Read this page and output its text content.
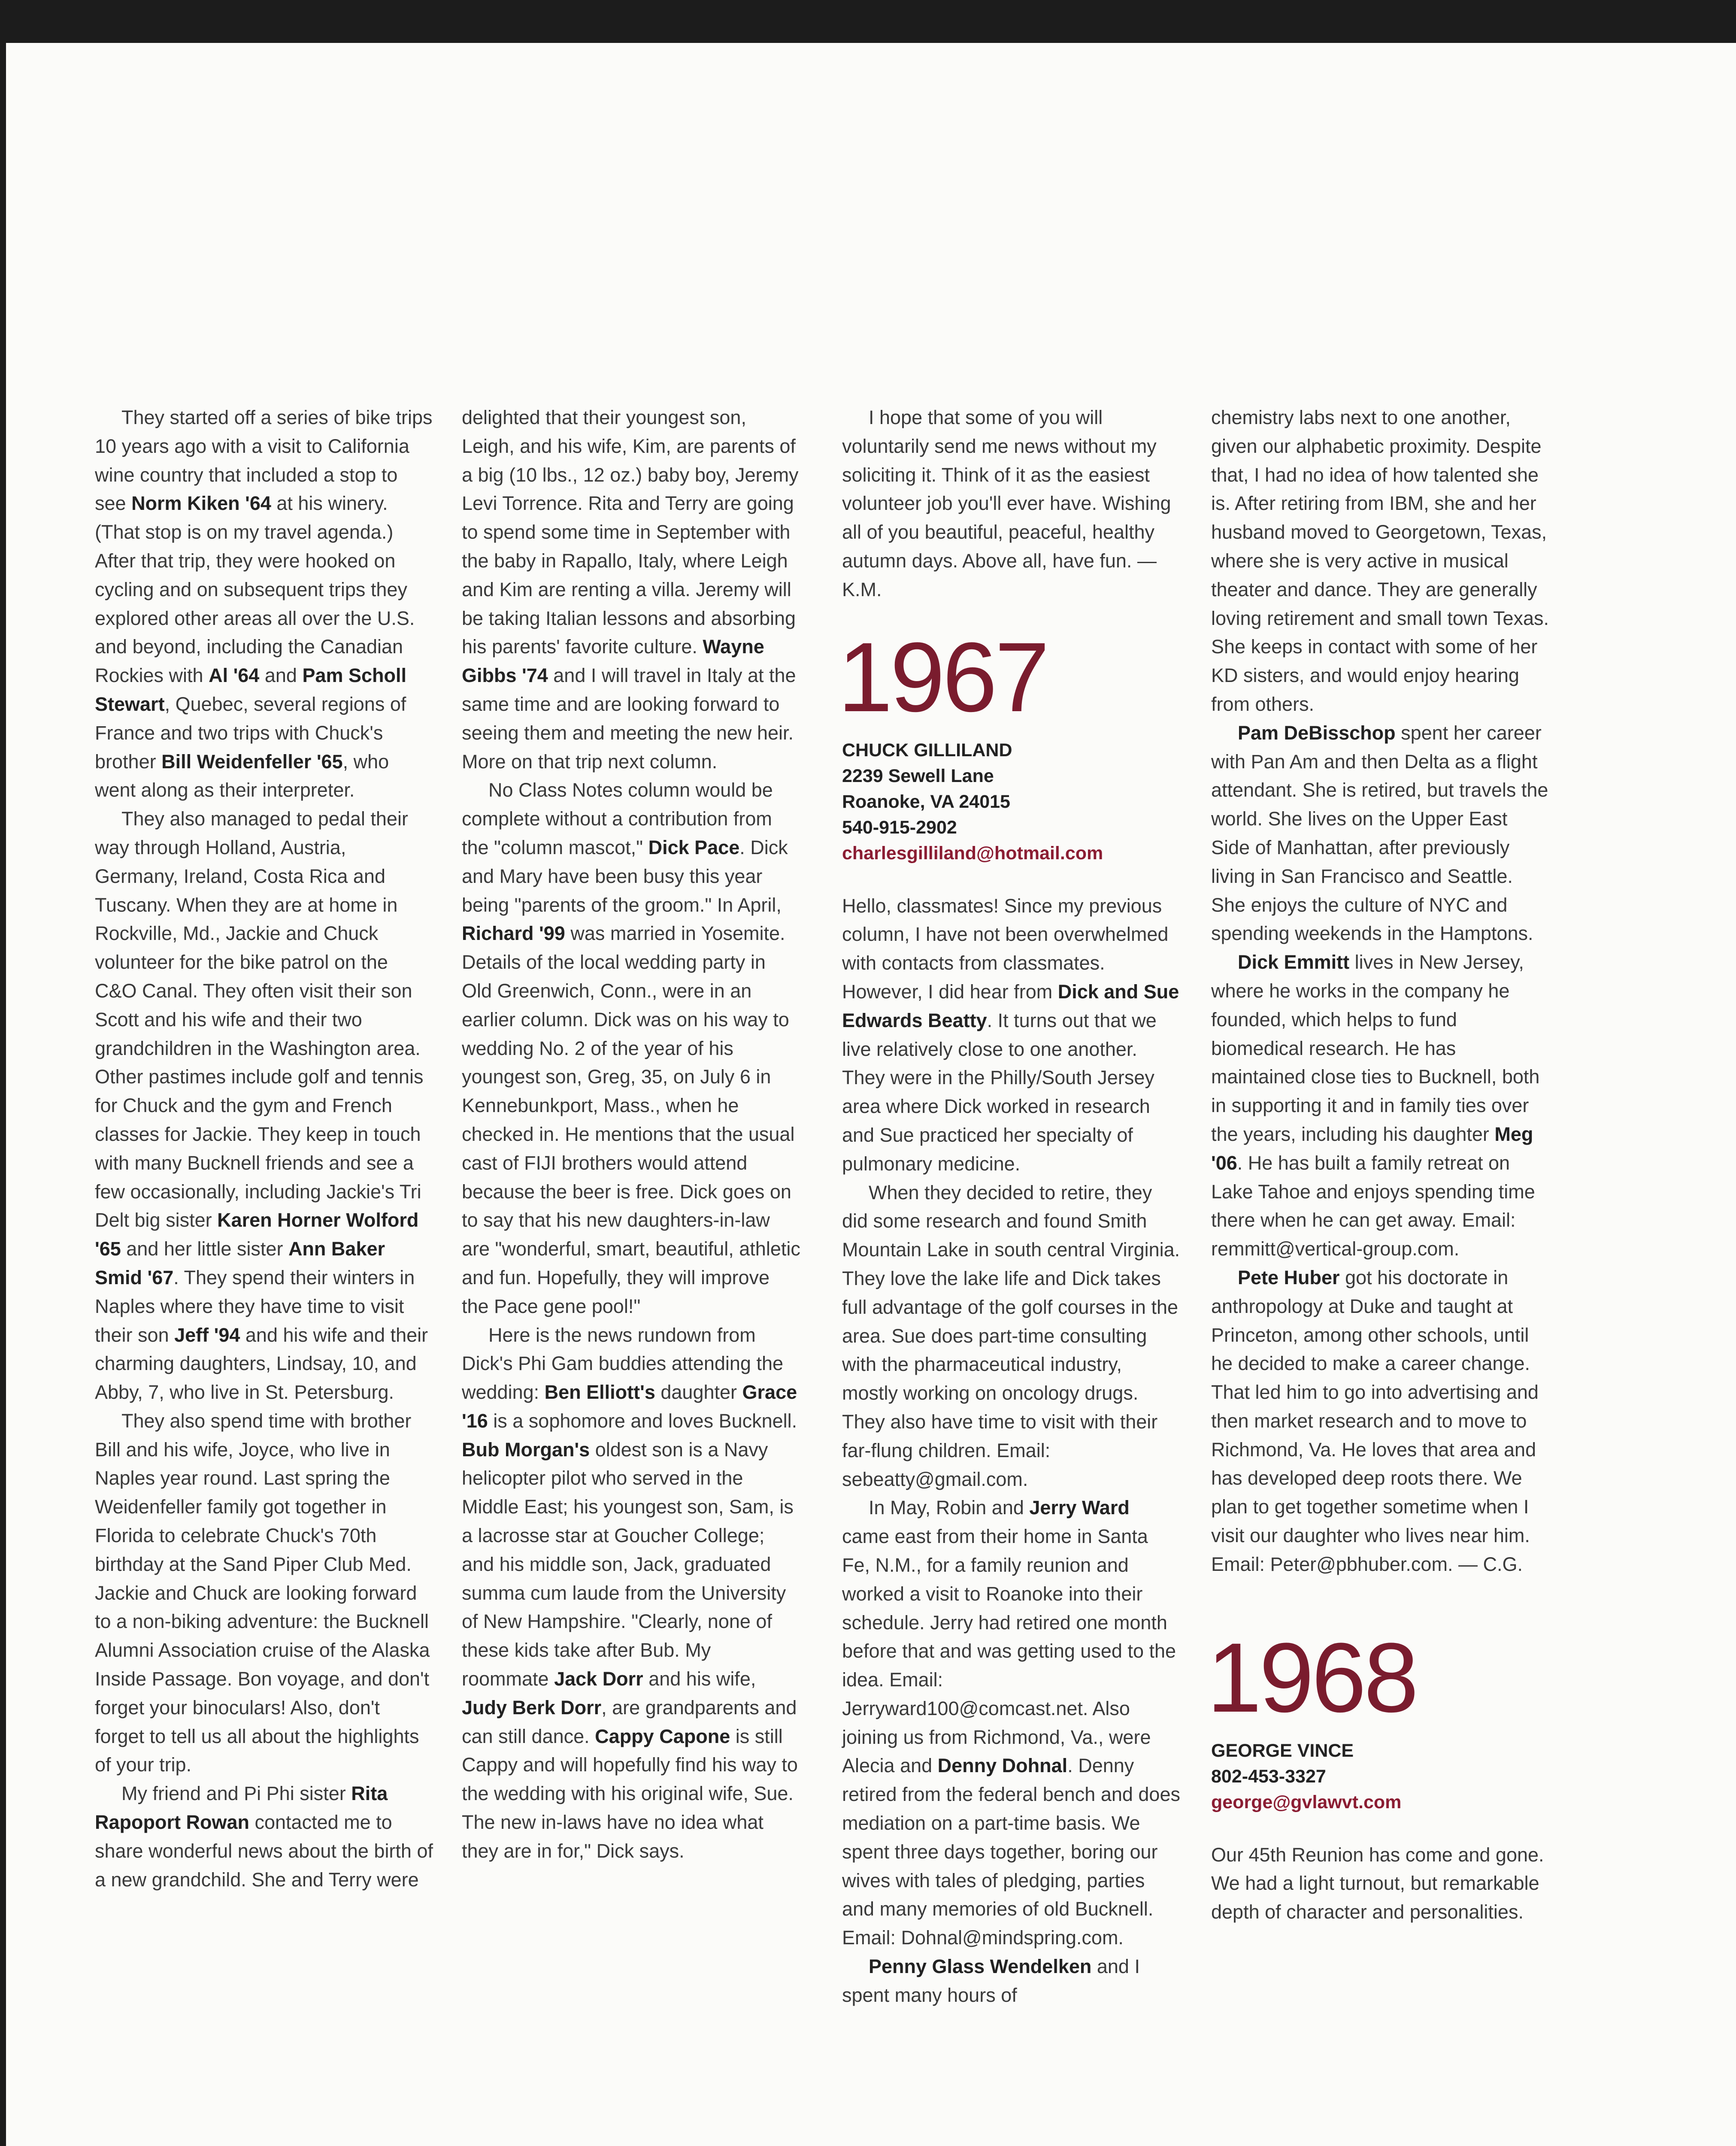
They started off a series of bike trips 10 years ago with a visit to California wine country that included a stop to see Norm Kiken '64 at his winery. (That stop is on my travel agenda.) After that trip, they were hooked on cycling and on subsequent trips they explored other areas all over the U.S. and beyond, including the Canadian Rockies with Al '64 and Pam Scholl Stewart, Quebec, several regions of France and two trips with Chuck's brother Bill Weidenfeller '65, who went along as their interpreter.

They also managed to pedal their way through Holland, Austria, Germany, Ireland, Costa Rica and Tuscany. When they are at home in Rockville, Md., Jackie and Chuck volunteer for the bike patrol on the C&O Canal. They often visit their son Scott and his wife and their two grandchildren in the Washington area. Other pastimes include golf and tennis for Chuck and the gym and French classes for Jackie. They keep in touch with many Bucknell friends and see a few occasionally, including Jackie's Tri Delt big sister Karen Horner Wolford '65 and her little sister Ann Baker Smid '67. They spend their winters in Naples where they have time to visit their son Jeff '94 and his wife and their charming daughters, Lindsay, 10, and Abby, 7, who live in St. Petersburg.

They also spend time with brother Bill and his wife, Joyce, who live in Naples year round. Last spring the Weidenfeller family got together in Florida to celebrate Chuck's 70th birthday at the Sand Piper Club Med. Jackie and Chuck are looking forward to a non-biking adventure: the Bucknell Alumni Association cruise of the Alaska Inside Passage. Bon voyage, and don't forget your binoculars! Also, don't forget to tell us all about the highlights of your trip.

My friend and Pi Phi sister Rita Rapoport Rowan contacted me to share wonderful news about the birth of a new grandchild. She and Terry were

delighted that their youngest son, Leigh, and his wife, Kim, are parents of a big (10 lbs., 12 oz.) baby boy, Jeremy Levi Torrence. Rita and Terry are going to spend some time in September with the baby in Rapallo, Italy, where Leigh and Kim are renting a villa. Jeremy will be taking Italian lessons and absorbing his parents' favorite culture. Wayne Gibbs '74 and I will travel in Italy at the same time and are looking forward to seeing them and meeting the new heir. More on that trip next column.

No Class Notes column would be complete without a contribution from the "column mascot," Dick Pace. Dick and Mary have been busy this year being "parents of the groom." In April, Richard '99 was married in Yosemite. Details of the local wedding party in Old Greenwich, Conn., were in an earlier column. Dick was on his way to wedding No. 2 of the year of his youngest son, Greg, 35, on July 6 in Kennebunkport, Mass., when he checked in. He mentions that the usual cast of FIJI brothers would attend because the beer is free. Dick goes on to say that his new daughters-in-law are "wonderful, smart, beautiful, athletic and fun. Hopefully, they will improve the Pace gene pool!"

Here is the news rundown from Dick's Phi Gam buddies attending the wedding: Ben Elliott's daughter Grace '16 is a sophomore and loves Bucknell. Bub Morgan's oldest son is a Navy helicopter pilot who served in the Middle East; his youngest son, Sam, is a lacrosse star at Goucher College; and his middle son, Jack, graduated summa cum laude from the University of New Hampshire. "Clearly, none of these kids take after Bub. My roommate Jack Dorr and his wife, Judy Berk Dorr, are grandparents and can still dance. Cappy Capone is still Cappy and will hopefully find his way to the wedding with his original wife, Sue. The new in-laws have no idea what they are in for," Dick says.

I hope that some of you will voluntarily send me news without my soliciting it. Think of it as the easiest volunteer job you'll ever have. Wishing all of you beautiful, peaceful, healthy autumn days. Above all, have fun. — K.M.

1967
CHUCK GILLILAND
2239 Sewell Lane
Roanoke, VA 24015
540-915-2902
charlesgilliland@hotmail.com

Hello, classmates! Since my previous column, I have not been overwhelmed with contacts from classmates. However, I did hear from Dick and Sue Edwards Beatty. It turns out that we live relatively close to one another. They were in the Philly/South Jersey area where Dick worked in research and Sue practiced her specialty of pulmonary medicine.

When they decided to retire, they did some research and found Smith Mountain Lake in south central Virginia. They love the lake life and Dick takes full advantage of the golf courses in the area. Sue does part-time consulting with the pharmaceutical industry, mostly working on oncology drugs. They also have time to visit with their far-flung children. Email: sebeatty@gmail.com.

In May, Robin and Jerry Ward came east from their home in Santa Fe, N.M., for a family reunion and worked a visit to Roanoke into their schedule. Jerry had retired one month before that and was getting used to the idea. Email: Jerryward100@comcast.net. Also joining us from Richmond, Va., were Alecia and Denny Dohnal. Denny retired from the federal bench and does mediation on a part-time basis. We spent three days together, boring our wives with tales of pledging, parties and many memories of old Bucknell. Email: Dohnal@mindspring.com.

Penny Glass Wendelken and I spent many hours of

chemistry labs next to one another, given our alphabetic proximity. Despite that, I had no idea of how talented she is. After retiring from IBM, she and her husband moved to Georgetown, Texas, where she is very active in musical theater and dance. They are generally loving retirement and small town Texas. She keeps in contact with some of her KD sisters, and would enjoy hearing from others.

Pam DeBisschop spent her career with Pan Am and then Delta as a flight attendant. She is retired, but travels the world. She lives on the Upper East Side of Manhattan, after previously living in San Francisco and Seattle. She enjoys the culture of NYC and spending weekends in the Hamptons.

Dick Emmitt lives in New Jersey, where he works in the company he founded, which helps to fund biomedical research. He has maintained close ties to Bucknell, both in supporting it and in family ties over the years, including his daughter Meg '06. He has built a family retreat on Lake Tahoe and enjoys spending time there when he can get away. Email: remmitt@vertical-group.com.

Pete Huber got his doctorate in anthropology at Duke and taught at Princeton, among other schools, until he decided to make a career change. That led him to go into advertising and then market research and to move to Richmond, Va. He loves that area and has developed deep roots there. We plan to get together sometime when I visit our daughter who lives near him. Email: Peter@pbhuber.com. — C.G.

1968
GEORGE VINCE
802-453-3327
george@gvlawvt.com

Our 45th Reunion has come and gone. We had a light turnout, but remarkable depth of character and personalities.
